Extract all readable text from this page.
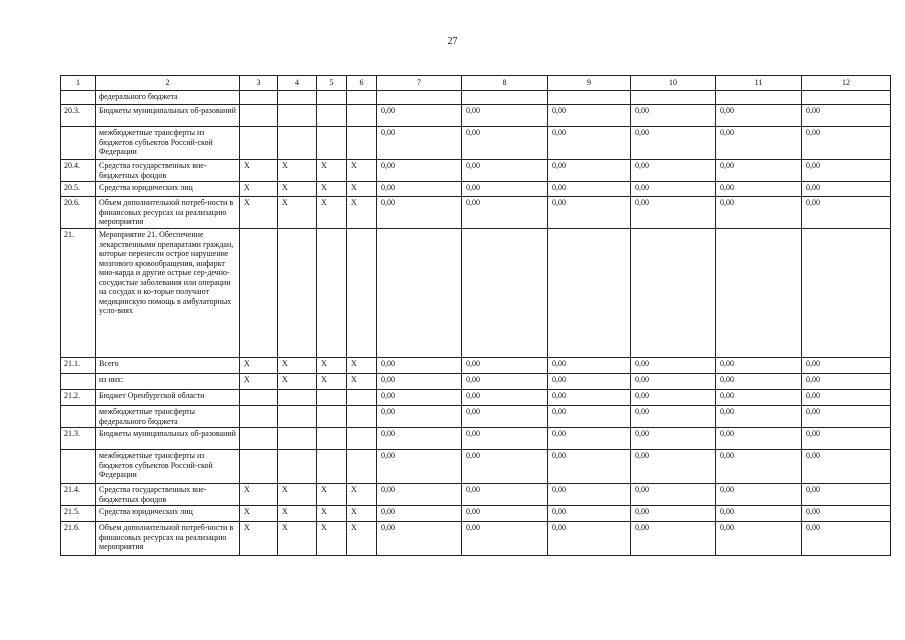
27
1	2	3	4	5	6	7	8	9	10	11	12
	федерального бюджета										
20.3.	Бюджеты муниципальных об-разований					0,00	0,00	0,00	0,00	0,00	0,00
	межбюджетные трансферты из бюджетов субъектов Россий-ской Федерации					0,00	0,00	0,00	0,00	0,00	0,00
20.4.	Средства государственных вне-бюджетных фондов	X	X	X	X	0,00	0,00	0,00	0,00	0,00	0,00
20.5.	Средства юридических лиц	X	X	X	X	0,00	0,00	0,00	0,00	0,00	0,00
20.6.	Объем дополнительной потреб-ности в финансовых ресурсах на реализацию мероприятия	X	X	X	X	0,00	0,00	0,00	0,00	0,00	0,00
21.	Мероприятие 21. Обеспечение лекарственными препаратами граждан, которые перенесли острое нарушение мозгового кровообращения, инфаркт мио-карда и другие острые сер-дечно-сосудистые заболевания или операции на сосудах и ко-торые получают медицинскую помощь в амбулаторных усло-виях										
21.1.	Всего	X	X	X	X	0,00	0,00	0,00	0,00	0,00	0,00
	из них:	X	X	X	X	0,00	0,00	0,00	0,00	0,00	0,00
21.2.	Бюджет Оренбургской области					0,00	0,00	0,00	0,00	0,00	0,00
	межбюджетные трансферты федерального бюджета					0,00	0,00	0,00	0,00	0,00	0,00
21.3.	Бюджеты муниципальных об-разований					0,00	0,00	0,00	0,00	0,00	0,00
	межбюджетные трансферты из бюджетов субъектов Россий-ской Федерации					0,00	0,00	0,00	0,00	0,00	0,00
21.4.	Средства государственных вне-бюджетных фондов	X	X	X	X	0,00	0,00	0,00	0,00	0,00	0,00
21.5.	Средства юридических лиц	X	X	X	X	0,00	0,00	0,00	0,00	0,00	0,00
21.6.	Объем дополнительной потреб-ности в финансовых ресурсах на реализацию мероприятия	X	X	X	X	0,00	0,00	0,00	0,00	0,00	0,00
